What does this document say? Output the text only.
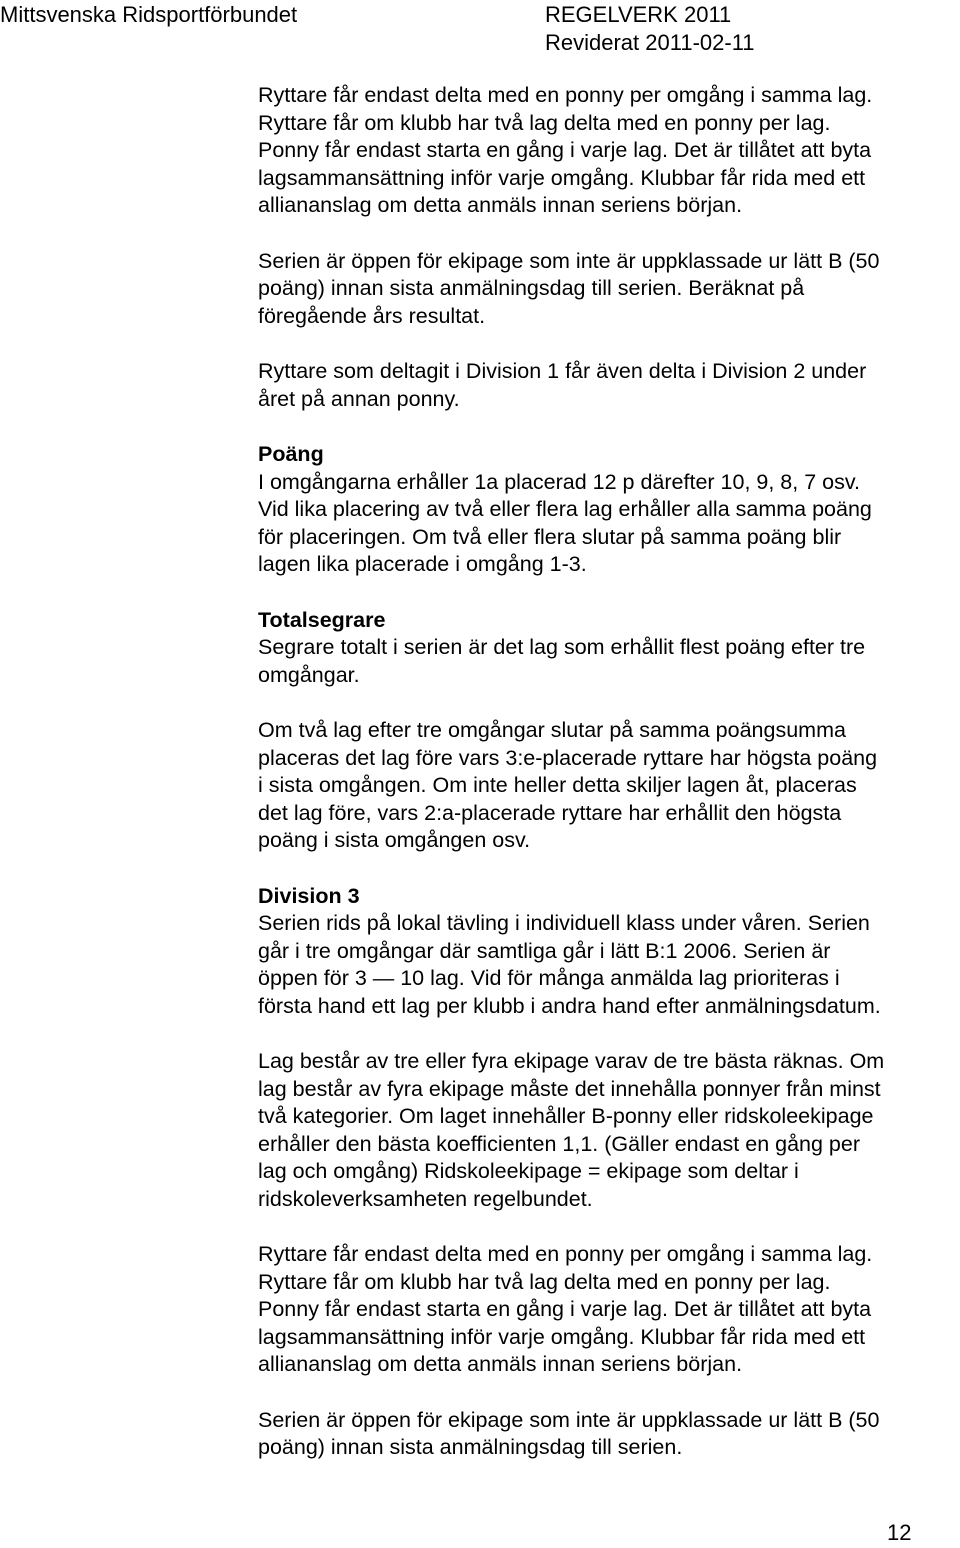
Mittsvenska Ridsportförbundet	REGELVERK 2011
Reviderat 2011-02-11
Ryttare får endast delta med en ponny per omgång i samma lag.
Ryttare får om klubb har två lag delta med en ponny per lag.
Ponny får endast starta en gång i varje lag. Det är tillåtet att byta
lagsammansättning inför varje omgång. Klubbar får rida med ett
alliananslag om detta anmäls innan seriens början.
Serien är öppen för ekipage som inte är uppklassade ur lätt B (50
poäng) innan sista anmälningsdag till serien. Beräknat på
föregående års resultat.
Ryttare som deltagit i Division 1 får även delta i Division 2 under
året på annan ponny.
Poäng
I omgångarna erhåller 1a placerad 12 p därefter 10, 9, 8, 7 osv.
Vid lika placering av två eller flera lag erhåller alla samma poäng
för placeringen. Om två eller flera slutar på samma poäng blir
lagen lika placerade i omgång 1-3.
Totalsegrare
Segrare totalt i serien är det lag som erhållit flest poäng efter tre
omgångar.
Om två lag efter tre omgångar slutar på samma poängsumma
placeras det lag före vars 3:e-placerade ryttare har högsta poäng
i sista omgången. Om inte heller detta skiljer lagen åt, placeras
det lag före, vars 2:a-placerade ryttare har erhållit den högsta
poäng i sista omgången osv.
Division 3
Serien rids på lokal tävling i individuell klass under våren. Serien
går i tre omgångar där samtliga går i lätt B:1 2006. Serien är
öppen för 3 — 10 lag. Vid för många anmälda lag prioriteras i
första hand ett lag per klubb i andra hand efter anmälningsdatum.
Lag består av tre eller fyra ekipage varav de tre bästa räknas. Om
lag består av fyra ekipage måste det innehålla ponnyer från minst
två kategorier. Om laget innehåller B-ponny eller ridskoleekipage
erhåller den bästa koefficienten 1,1. (Gäller endast en gång per
lag och omgång) Ridskoleekipage = ekipage som deltar i
ridskoleverksamheten regelbundet.
Ryttare får endast delta med en ponny per omgång i samma lag.
Ryttare får om klubb har två lag delta med en ponny per lag.
Ponny får endast starta en gång i varje lag. Det är tillåtet att byta
lagsammansättning inför varje omgång. Klubbar får rida med ett
alliananslag om detta anmäls innan seriens början.
Serien är öppen för ekipage som inte är uppklassade ur lätt B (50
poäng) innan sista anmälningsdag till serien.
12
